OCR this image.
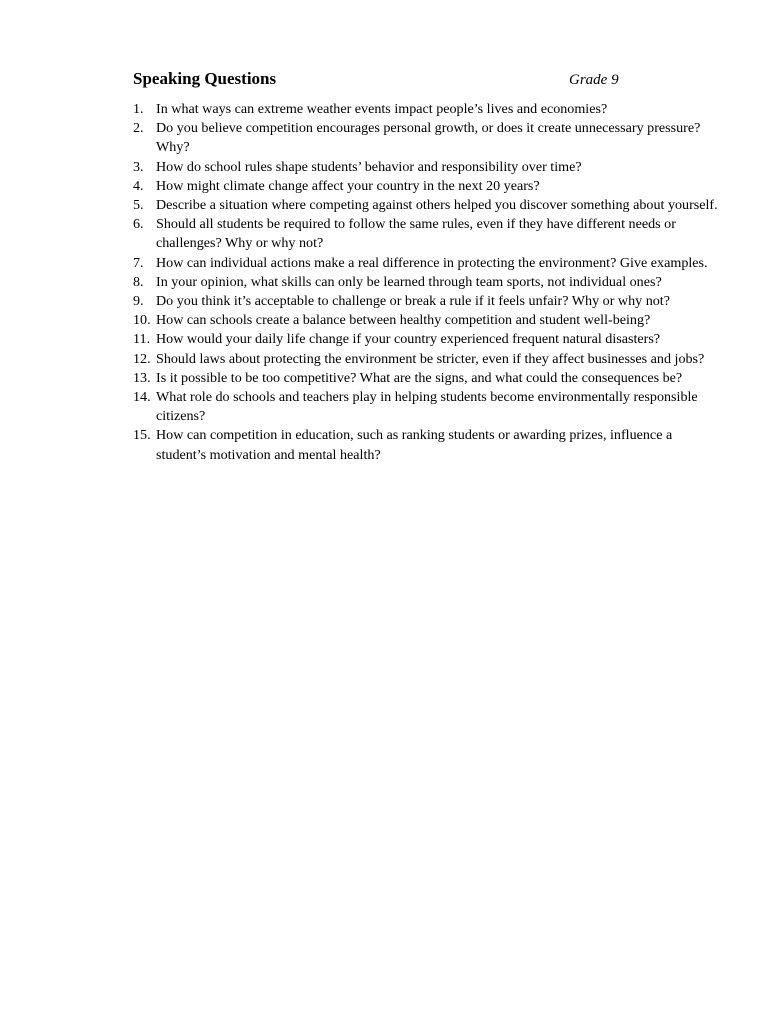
Speaking Questions	Grade 9
1. In what ways can extreme weather events impact people’s lives and economies?
2. Do you believe competition encourages personal growth, or does it create unnecessary pressure? Why?
3. How do school rules shape students’ behavior and responsibility over time?
4. How might climate change affect your country in the next 20 years?
5. Describe a situation where competing against others helped you discover something about yourself.
6. Should all students be required to follow the same rules, even if they have different needs or challenges? Why or why not?
7. How can individual actions make a real difference in protecting the environment? Give examples.
8. In your opinion, what skills can only be learned through team sports, not individual ones?
9. Do you think it’s acceptable to challenge or break a rule if it feels unfair? Why or why not?
10. How can schools create a balance between healthy competition and student well-being?
11. How would your daily life change if your country experienced frequent natural disasters?
12. Should laws about protecting the environment be stricter, even if they affect businesses and jobs?
13. Is it possible to be too competitive? What are the signs, and what could the consequences be?
14. What role do schools and teachers play in helping students become environmentally responsible citizens?
15. How can competition in education, such as ranking students or awarding prizes, influence a student’s motivation and mental health?
